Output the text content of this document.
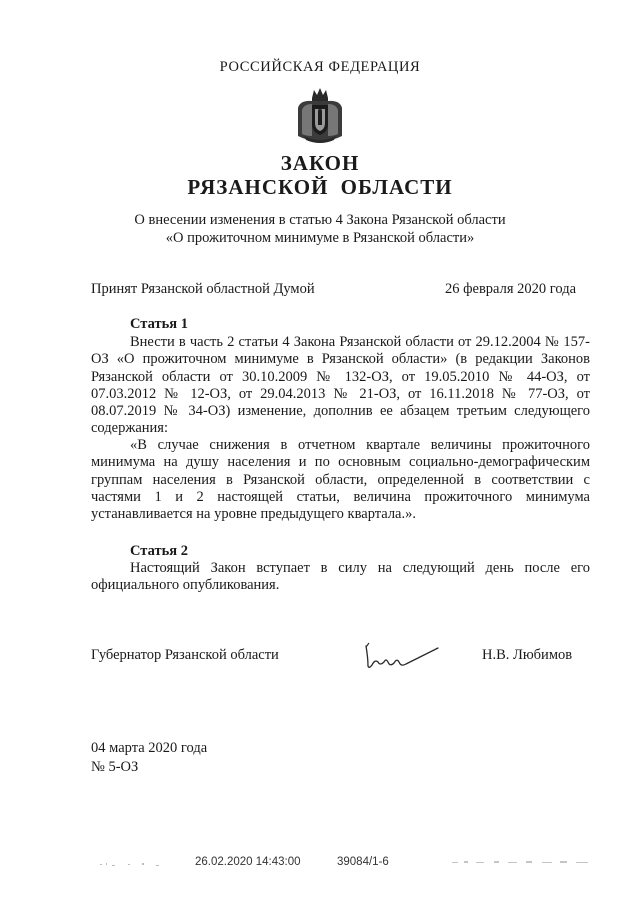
РОССИЙСКАЯ ФЕДЕРАЦИЯ
ЗАКОН
РЯЗАНСКОЙ ОБЛАСТИ
О внесении изменения в статью 4 Закона Рязанской области
«О прожиточном минимуме в Рязанской области»
Принят Рязанской областной Думой	26 февраля 2020 года
Статья 1

Внести в часть 2 статьи 4 Закона Рязанской области от 29.12.2004 № 157-ОЗ «О прожиточном минимуме в Рязанской области» (в редакции Законов Рязанской области от 30.10.2009 № 132-ОЗ, от 19.05.2010 № 44-ОЗ, от 07.03.2012 № 12-ОЗ, от 29.04.2013 № 21-ОЗ, от 16.11.2018 № 77-ОЗ, от 08.07.2019 № 34-ОЗ) изменение, дополнив ее абзацем третьим следующего содержания:

«В случае снижения в отчетном квартале величины прожиточного минимума на душу населения и по основным социально-демографическим группам населения в Рязанской области, определенной в соответствии с частями 1 и 2 настоящей статьи, величина прожиточного минимума устанавливается на уровне предыдущего квартала.».

Статья 2

Настоящий Закон вступает в силу на следующий день после его официального опубликования.

Губернатор Рязанской области	Н.В. Любимов
04 марта 2020 года
№ 5-ОЗ
26.02.2020 14:43:00	39084/1-6
